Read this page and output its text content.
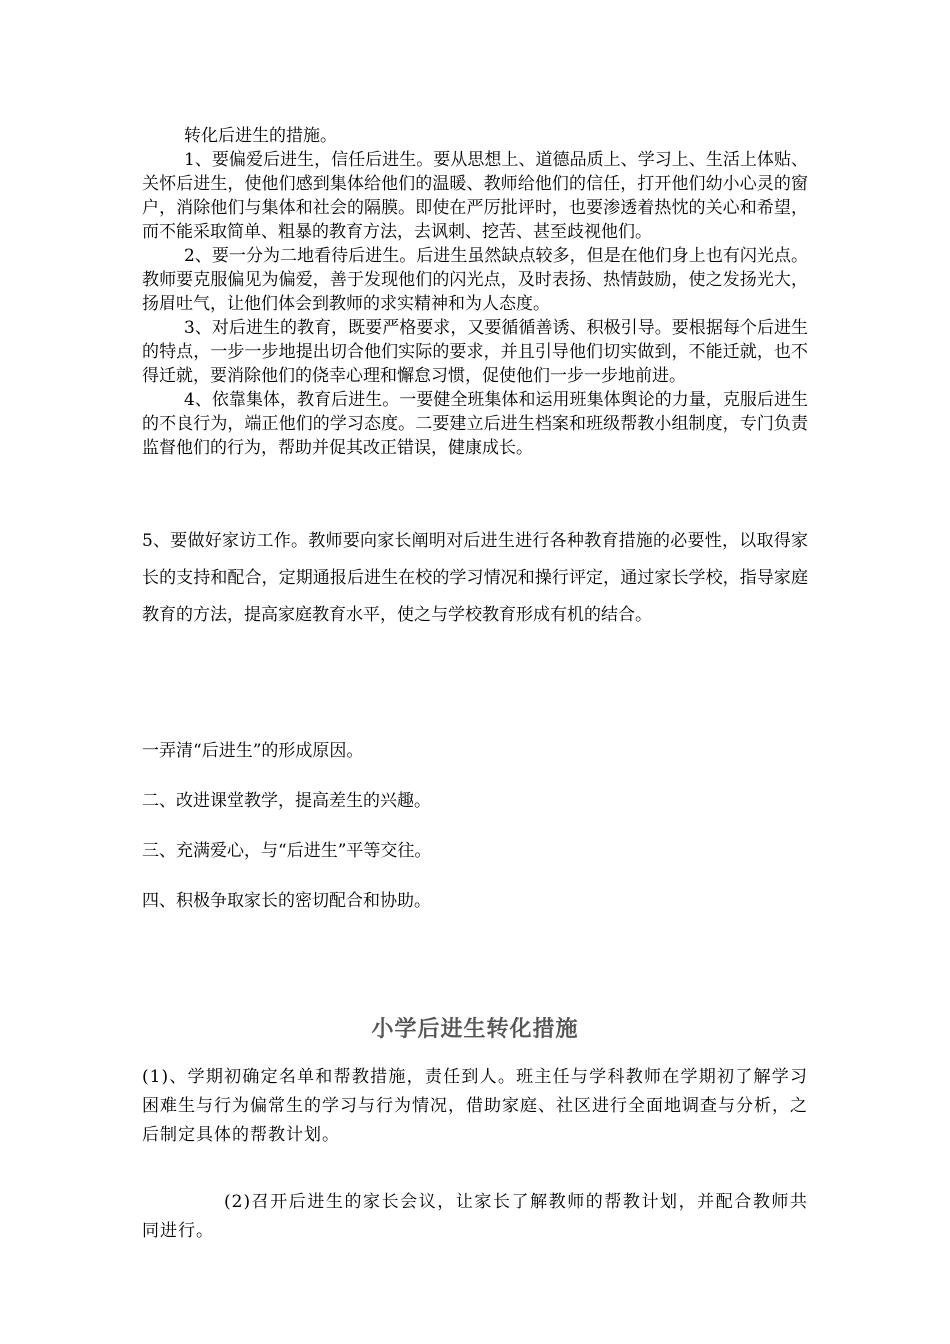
转化后进生的措施。
1、要偏爱后进生，信任后进生。要从思想上、道德品质上、学习上、生活上体贴、关怀后进生，使他们感到集体给他们的温暖、教师给他们的信任，打开他们幼小心灵的窗户，消除他们与集体和社会的隔膜。即使在严厉批评时，也要渗透着热忱的关心和希望，而不能采取简单、粗暴的教育方法，去讽刺、挖苦、甚至歧视他们。
2、要一分为二地看待后进生。后进生虽然缺点较多，但是在他们身上也有闪光点。教师要克服偏见为偏爱，善于发现他们的闪光点，及时表扬、热情鼓励，使之发扬光大，扬眉吐气，让他们体会到教师的求实精神和为人态度。
3、对后进生的教育，既要严格要求，又要循循善诱、积极引导。要根据每个后进生的特点，一步一步地提出切合他们实际的要求，并且引导他们切实做到，不能迁就，也不得迁就，要消除他们的侥幸心理和懈怠习惯，促使他们一步一步地前进。
4、依靠集体，教育后进生。一要健全班集体和运用班集体舆论的力量，克服后进生的不良行为，端正他们的学习态度。二要建立后进生档案和班级帮教小组制度，专门负责监督他们的行为，帮助并促其改正错误，健康成长。
5、要做好家访工作。教师要向家长阐明对后进生进行各种教育措施的必要性，以取得家长的支持和配合，定期通报后进生在校的学习情况和操行评定，通过家长学校，指导家庭教育的方法，提高家庭教育水平，使之与学校教育形成有机的结合。
一弄清“后进生”的形成原因。
二、改进课堂教学，提高差生的兴趣。
三、充满爱心，与“后进生”平等交往。
四、积极争取家长的密切配合和协助。
小学后进生转化措施
(1)、学期初确定名单和帮教措施，责任到人。班主任与学科教师在学期初了解学习困难生与行为偏常生的学习与行为情况，借助家庭、社区进行全面地调查与分析，之后制定具体的帮教计划。
(2)召开后进生的家长会议，让家长了解教师的帮教计划，并配合教师共同进行。
